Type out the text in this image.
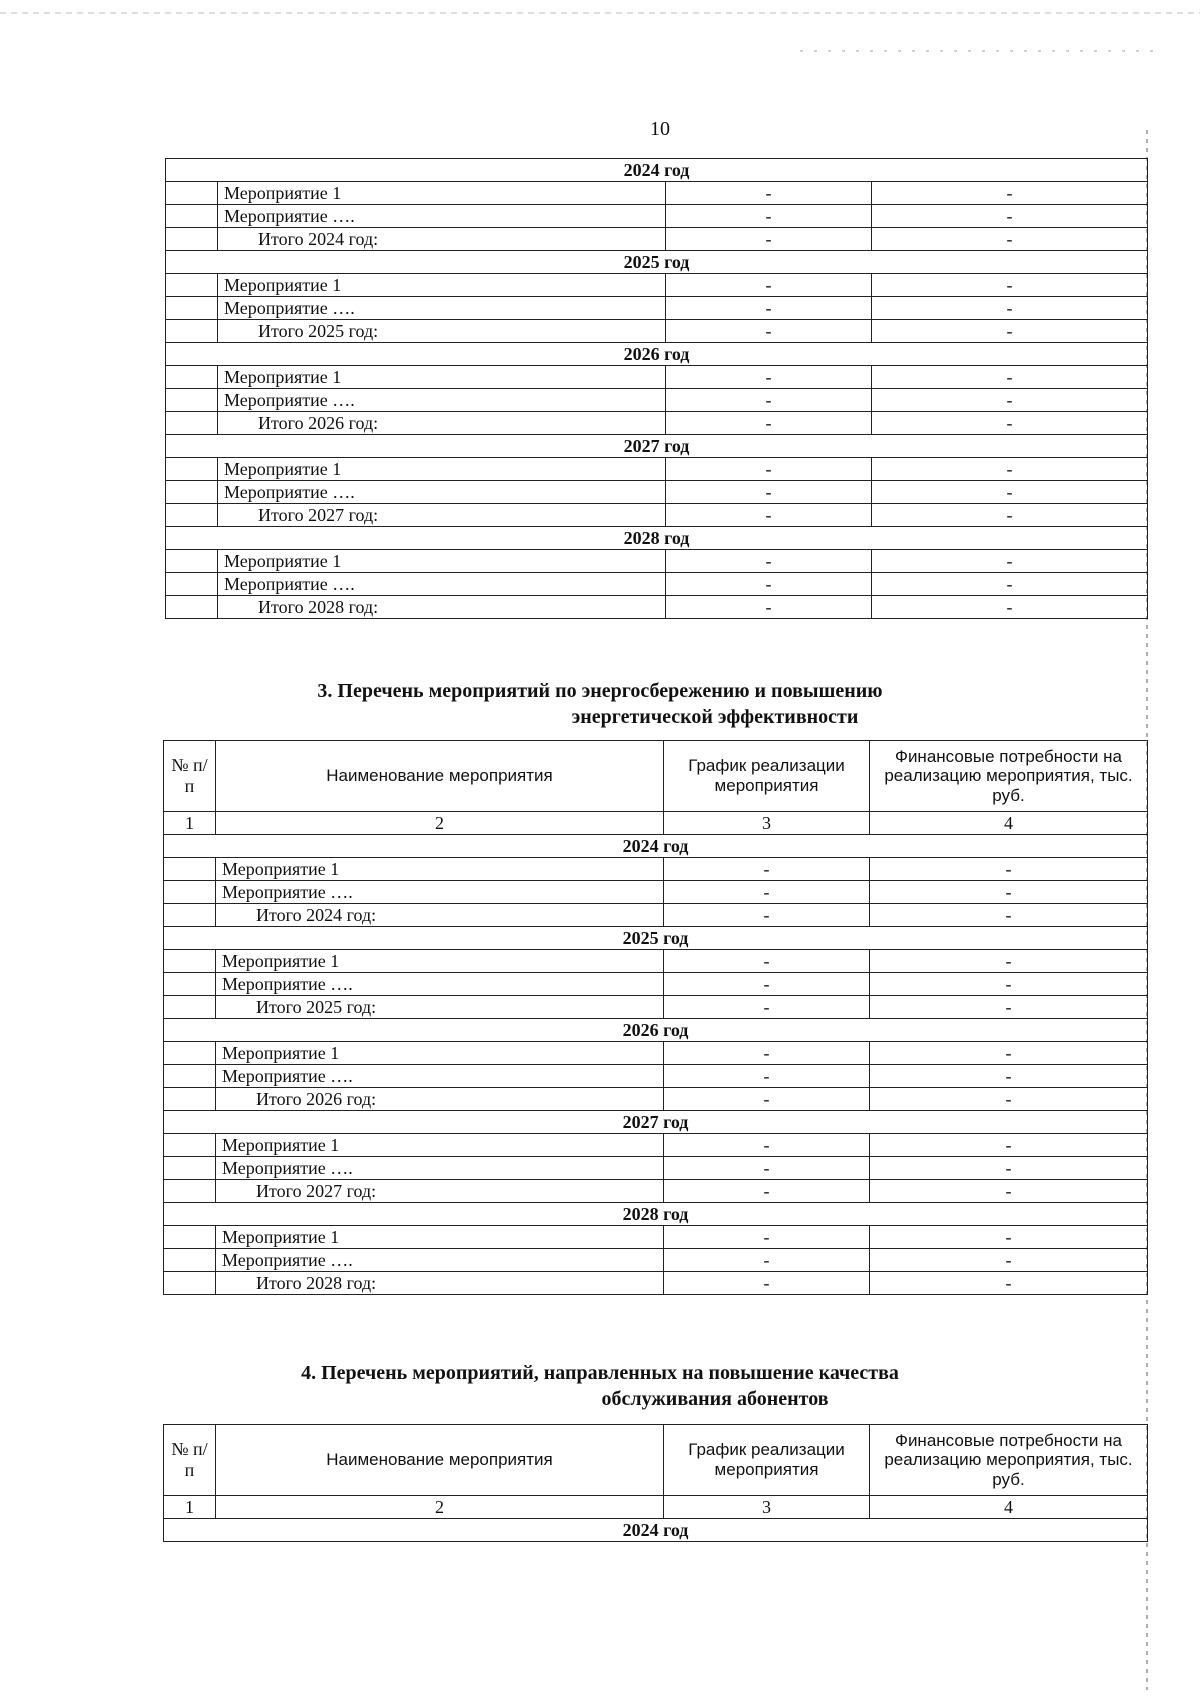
10
2024 год			
	Мероприятие 1	-	-
	Мероприятие ….	-	-
	Итого 2024 год:	-	-
2025 год			
	Мероприятие 1	-	-
	Мероприятие ….	-	-
	Итого 2025 год:	-	-
2026 год			
	Мероприятие 1	-	-
	Мероприятие ….	-	-
	Итого 2026 год:	-	-
2027 год			
	Мероприятие 1	-	-
	Мероприятие ….	-	-
	Итого 2027 год:	-	-
2028 год			
	Мероприятие 1	-	-
	Мероприятие ….	-	-
	Итого 2028 год:	-	-
3. Перечень мероприятий по энергосбережению и повышению
энергетической эффективности
№ п/п	Наименование мероприятия	График реализации мероприятия	Финансовые потребности на реализацию мероприятия, тыс. руб.
1	2	3	4
2024 год			
	Мероприятие 1	-	-
	Мероприятие ….	-	-
	Итого 2024 год:	-	-
2025 год			
	Мероприятие 1	-	-
	Мероприятие ….	-	-
	Итого 2025 год:	-	-
2026 год			
	Мероприятие 1	-	-
	Мероприятие ….	-	-
	Итого 2026 год:	-	-
2027 год			
	Мероприятие 1	-	-
	Мероприятие ….	-	-
	Итого 2027 год:	-	-
2028 год			
	Мероприятие 1	-	-
	Мероприятие ….	-	-
	Итого 2028 год:	-	-
4. Перечень мероприятий, направленных на повышение качества
обслуживания абонентов
№ п/п	Наименование мероприятия	График реализации мероприятия	Финансовые потребности на реализацию мероприятия, тыс. руб.
1	2	3	4
2024 год			
